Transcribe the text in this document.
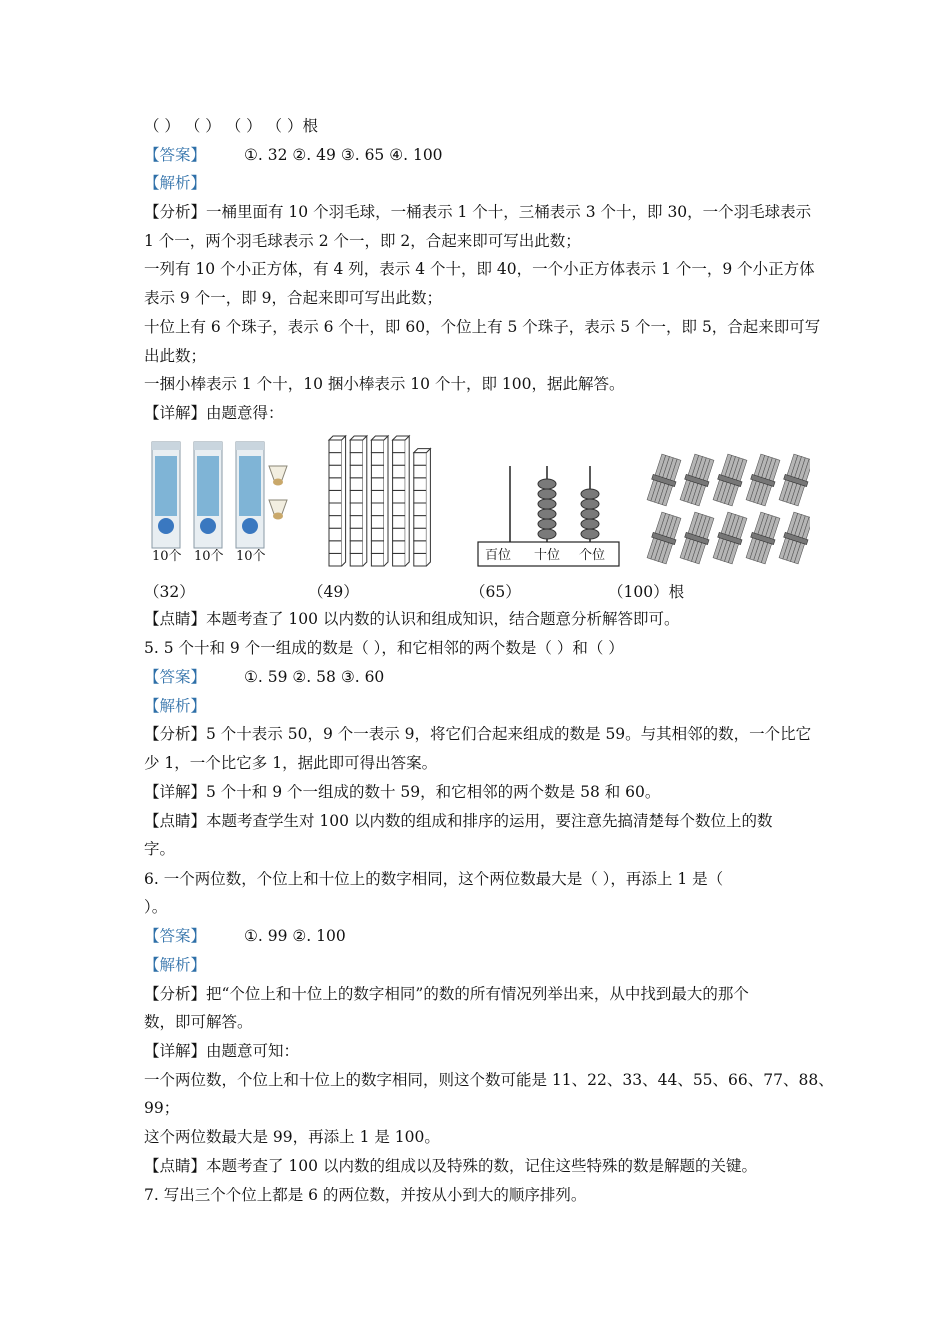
（ ） （ ） （ ） （ ）根
【答案】 ①. 32 ②. 49 ③. 65 ④. 100
【解析】
【分析】一桶里面有 10 个羽毛球，一桶表示 1 个十，三桶表示 3 个十，即 30，一个羽毛球表示
1 个一，两个羽毛球表示 2 个一，即 2，合起来即可写出此数；
一列有 10 个小正方体，有 4 列，表示 4 个十，即 40，一个小正方体表示 1 个一，9 个小正方体
表示 9 个一，即 9，合起来即可写出此数；
十位上有 6 个珠子，表示 6 个十，即 60，个位上有 5 个珠子，表示 5 个一，即 5，合起来即可写
出此数；
一捆小棒表示 1 个十，10 捆小棒表示 10 个十，即 100，据此解答。
【详解】由题意得：
10个 10个 10个	百位 十位 个位
（32）	（49）	（65）	（100）根
【点睛】本题考查了 100 以内数的认识和组成知识，结合题意分析解答即可。
5. 5 个十和 9 个一组成的数是（ ），和它相邻的两个数是（ ）和（ ）
【答案】 ①. 59 ②. 58 ③. 60
【解析】
【分析】5 个十表示 50，9 个一表示 9，将它们合起来组成的数是 59。与其相邻的数，一个比它
少 1，一个比它多 1，据此即可得出答案。
【详解】5 个十和 9 个一组成的数十 59，和它相邻的两个数是 58 和 60。
【点睛】本题考查学生对 100 以内数的组成和排序的运用，要注意先搞清楚每个数位上的数
字。
6. 一个两位数，个位上和十位上的数字相同，这个两位数最大是（ ），再添上 1 是（
）。
【答案】 ①. 99 ②. 100
【解析】
【分析】把“个位上和十位上的数字相同”的数的所有情况列举出来，从中找到最大的那个
数，即可解答。
【详解】由题意可知：
一个两位数，个位上和十位上的数字相同，则这个数可能是 11、22、33、44、55、66、77、88、
99；
这个两位数最大是 99，再添上 1 是 100。
【点睛】本题考查了 100 以内数的组成以及特殊的数，记住这些特殊的数是解题的关键。
7. 写出三个个位上都是 6 的两位数，并按从小到大的顺序排列。
